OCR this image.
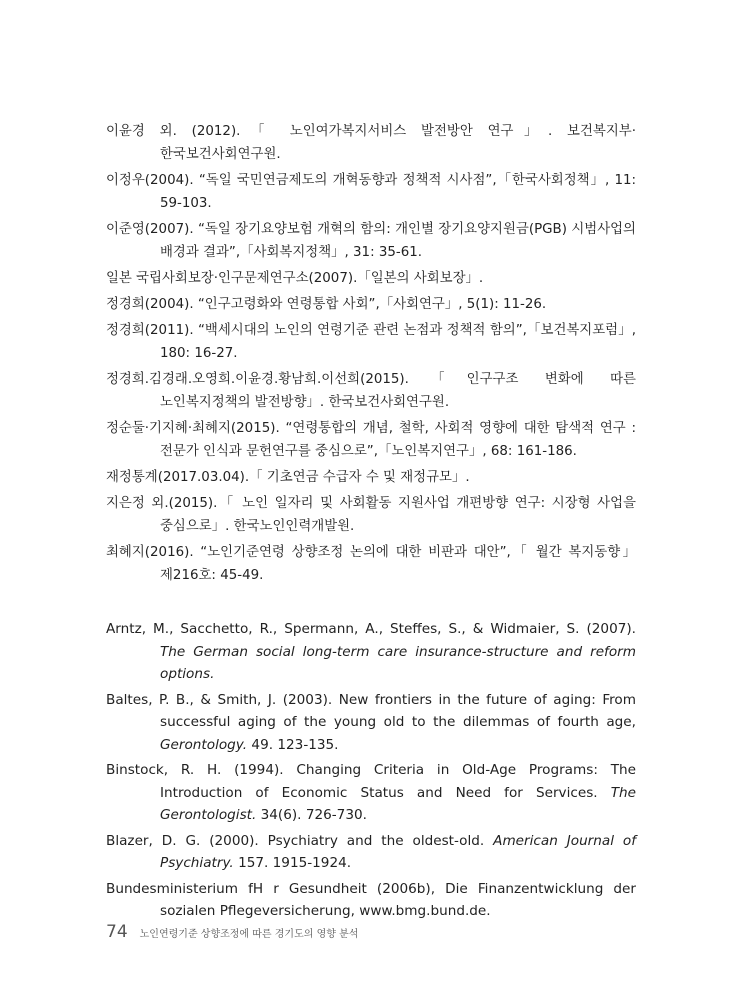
이윤경 외. (2012).「 노인여가복지서비스 발전방안 연구」. 보건복지부·한국보건사회연구원.

이정우(2004). “독일 국민연금제도의 개혁동향과 정책적 시사점”,「한국사회정책」, 11: 59-103.

이준영(2007). “독일 장기요양보험 개혁의 함의: 개인별 장기요양지원금(PGB) 시범사업의 배경과 결과”,「사회복지정책」, 31: 35-61.

일본 국립사회보장·인구문제연구소(2007).「일본의 사회보장」.

정경희(2004). “인구고령화와 연령통합 사회”,「사회연구」, 5(1): 11-26.

정경희(2011). “백세시대의 노인의 연령기준 관련 논점과 정책적 함의”,「보건복지포럼」, 180: 16-27.

정경희.김경래.오영희.이윤경.황남희.이선희(2015).「인구구조 변화에 따른 노인복지정책의 발전방향」. 한국보건사회연구원.

정순둘·기지혜·최혜지(2015). “연령통합의 개념, 철학, 사회적 영향에 대한 탐색적 연구 : 전문가 인식과 문헌연구를 중심으로”,「노인복지연구」, 68: 161-186.

재정통계(2017.03.04).「 기초연금 수급자 수 및 재정규모」.

지은정 외.(2015).「 노인 일자리 및 사회활동 지원사업 개편방향 연구: 시장형 사업을 중심으로」. 한국노인인력개발원.

최혜지(2016). “노인기준연령 상향조정 논의에 대한 비판과 대안”,「 월간 복지동향」제216호: 45-49.

Arntz, M., Sacchetto, R., Spermann, A., Steffes, S., & Widmaier, S. (2007). The German social long-term care insurance-structure and reform options.

Baltes, P. B., & Smith, J. (2003). New frontiers in the future of aging: From successful aging of the young old to the dilemmas of fourth age, Gerontology. 49. 123-135.

Binstock, R. H. (1994). Changing Criteria in Old-Age Programs: The Introduction of Economic Status and Need for Services. The Gerontologist. 34(6). 726-730.

Blazer, D. G. (2000). Psychiatry and the oldest-old. American Journal of Psychiatry. 157. 1915-1924.

Bundesministerium fH r Gesundheit (2006b), Die Finanzentwicklung der sozialen Pflegeversicherung, www.bmg.bund.de.

74 노인연령기준 상향조정에 따른 경기도의 영향 분석
